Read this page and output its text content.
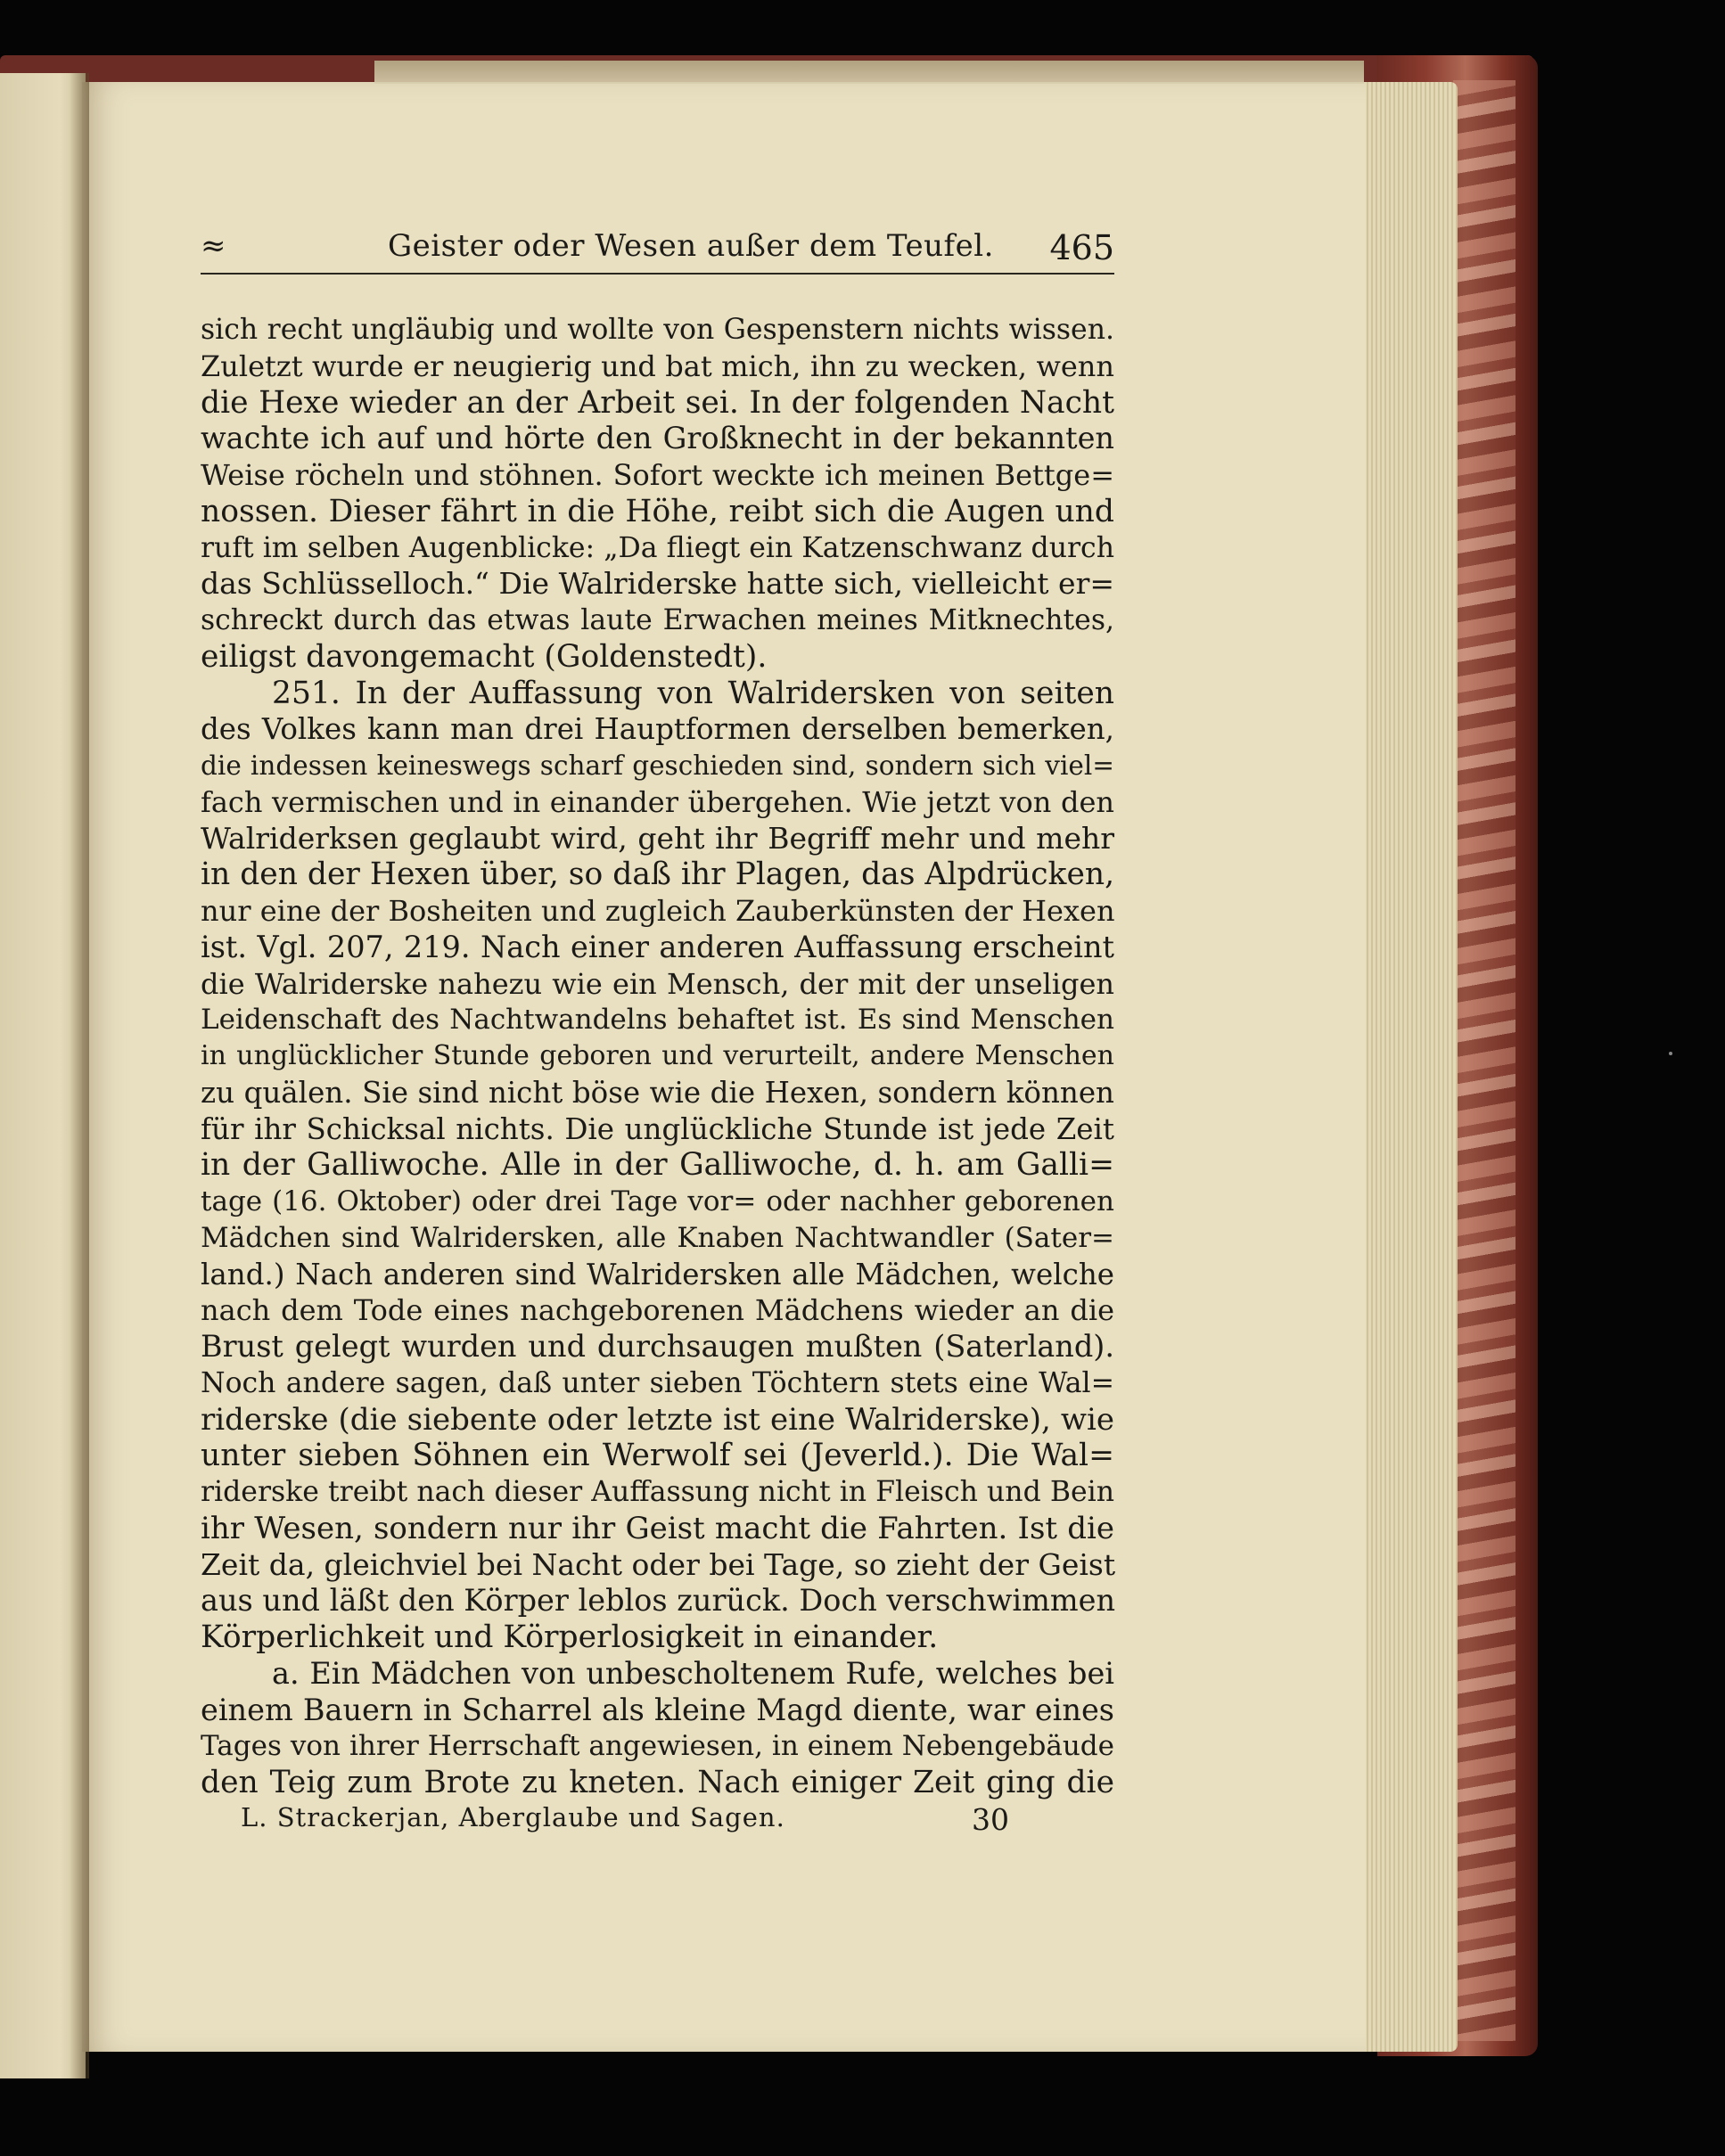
≈	Geister oder Wesen außer dem Teufel. 465
sich recht ungläubig und wollte von Gespenstern nichts wissen.
Zuletzt wurde er neugierig und bat mich, ihn zu wecken, wenn
die Hexe wieder an der Arbeit sei. In der folgenden Nacht
wachte ich auf und hörte den Großknecht in der bekannten
Weise röcheln und stöhnen. Sofort weckte ich meinen Bettge=
nossen. Dieser fährt in die Höhe, reibt sich die Augen und
ruft im selben Augenblicke: „Da fliegt ein Katzenschwanz durch
das Schlüsselloch.“ Die Walriderske hatte sich, vielleicht er=
schreckt durch das etwas laute Erwachen meines Mitknechtes,
eiligst davongemacht (Goldenstedt).
251. In der Auffassung von Walridersken von seiten
des Volkes kann man drei Hauptformen derselben bemerken,
die indessen keineswegs scharf geschieden sind, sondern sich viel=
fach vermischen und in einander übergehen. Wie jetzt von den
Walriderksen geglaubt wird, geht ihr Begriff mehr und mehr
in den der Hexen über, so daß ihr Plagen, das Alpdrücken,
nur eine der Bosheiten und zugleich Zauberkünsten der Hexen
ist. Vgl. 207, 219. Nach einer anderen Auffassung erscheint
die Walriderske nahezu wie ein Mensch, der mit der unseligen
Leidenschaft des Nachtwandelns behaftet ist. Es sind Menschen
in unglücklicher Stunde geboren und verurteilt, andere Menschen
zu quälen. Sie sind nicht böse wie die Hexen, sondern können
für ihr Schicksal nichts. Die unglückliche Stunde ist jede Zeit
in der Galliwoche. Alle in der Galliwoche, d. h. am Galli=
tage (16. Oktober) oder drei Tage vor= oder nachher geborenen
Mädchen sind Walridersken, alle Knaben Nachtwandler (Sater=
land.) Nach anderen sind Walridersken alle Mädchen, welche
nach dem Tode eines nachgeborenen Mädchens wieder an die
Brust gelegt wurden und durchsaugen mußten (Saterland).
Noch andere sagen, daß unter sieben Töchtern stets eine Wal=
riderske (die siebente oder letzte ist eine Walriderske), wie
unter sieben Söhnen ein Werwolf sei (Jeverld.). Die Wal=
riderske treibt nach dieser Auffassung nicht in Fleisch und Bein
ihr Wesen, sondern nur ihr Geist macht die Fahrten. Ist die
Zeit da, gleichviel bei Nacht oder bei Tage, so zieht der Geist
aus und läßt den Körper leblos zurück. Doch verschwimmen
Körperlichkeit und Körperlosigkeit in einander.
a. Ein Mädchen von unbescholtenem Rufe, welches bei
einem Bauern in Scharrel als kleine Magd diente, war eines
Tages von ihrer Herrschaft angewiesen, in einem Nebengebäude
den Teig zum Brote zu kneten. Nach einiger Zeit ging die
L. Strackerjan, Aberglaube und Sagen.	30
